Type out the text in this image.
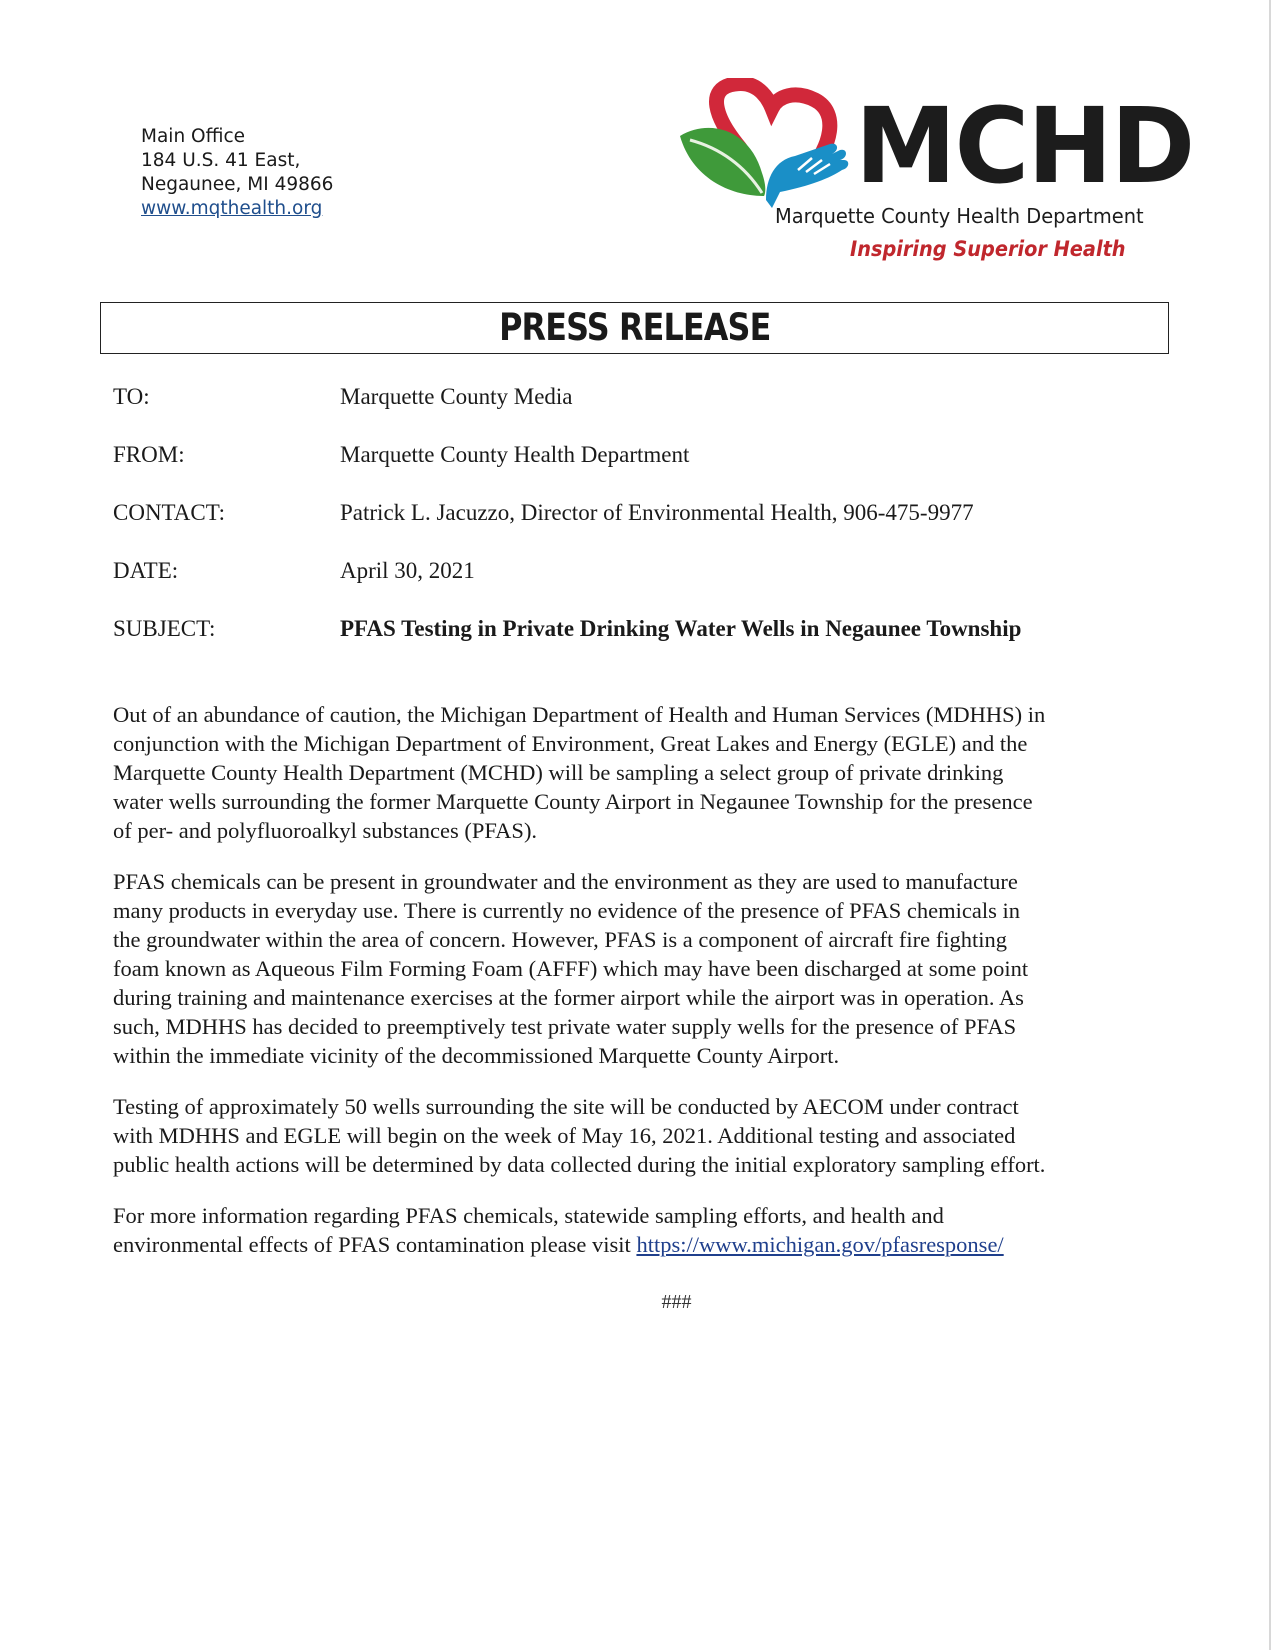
Main Office
184 U.S. 41 East,
Negaunee, MI 49866
www.mqthealth.org
MCHD
Marquette County Health Department
Inspiring Superior Health
PRESS RELEASE
TO:	Marquette County Media
FROM:	Marquette County Health Department
CONTACT:	Patrick L. Jacuzzo, Director of Environmental Health, 906-475-9977
DATE:	April 30, 2021
SUBJECT:	PFAS Testing in Private Drinking Water Wells in Negaunee Township

Out of an abundance of caution, the Michigan Department of Health and Human Services (MDHHS) in
conjunction with the Michigan Department of Environment, Great Lakes and Energy (EGLE) and the
Marquette County Health Department (MCHD) will be sampling a select group of private drinking
water wells surrounding the former Marquette County Airport in Negaunee Township for the presence
of per- and polyfluoroalkyl substances (PFAS).

PFAS chemicals can be present in groundwater and the environment as they are used to manufacture
many products in everyday use. There is currently no evidence of the presence of PFAS chemicals in
the groundwater within the area of concern. However, PFAS is a component of aircraft fire fighting
foam known as Aqueous Film Forming Foam (AFFF) which may have been discharged at some point
during training and maintenance exercises at the former airport while the airport was in operation. As
such, MDHHS has decided to preemptively test private water supply wells for the presence of PFAS
within the immediate vicinity of the decommissioned Marquette County Airport.

Testing of approximately 50 wells surrounding the site will be conducted by AECOM under contract
with MDHHS and EGLE will begin on the week of May 16, 2021. Additional testing and associated
public health actions will be determined by data collected during the initial exploratory sampling effort.

For more information regarding PFAS chemicals, statewide sampling efforts, and health and
environmental effects of PFAS contamination please visit https://www.michigan.gov/pfasresponse/

###
